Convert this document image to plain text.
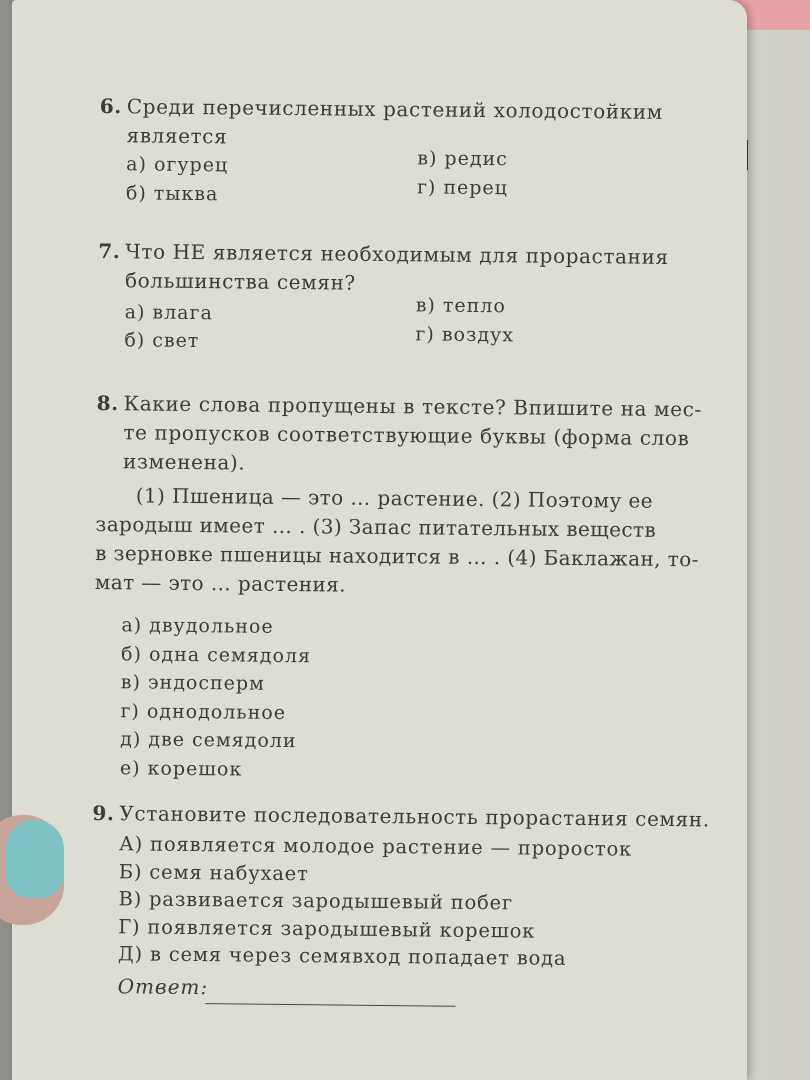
6. Среди перечисленных растений холодостойким
является
а) огурец
б) тыква
в) редис
г) перец
7. Что НЕ является необходимым для прорастания
большинства семян?
а) влага
б) свет
в) тепло
г) воздух
8. Какие слова пропущены в тексте? Впишите на мес-
те пропусков соответствующие буквы (форма слов
изменена).
(1) Пшеница — это … растение. (2) Поэтому ее
зародыш имеет … . (3) Запас питательных веществ
в зерновке пшеницы находится в … . (4) Баклажан, то-
мат — это … растения.
а) двудольное
б) одна семядоля
в) эндосперм
г) однодольное
д) две семядоли
е) корешок
9. Установите последовательность прорастания семян.
А) появляется молодое растение — проросток
Б) семя набухает
В) развивается зародышевый побег
Г) появляется зародышевый корешок
Д) в семя через семявход попадает вода
Ответ:
